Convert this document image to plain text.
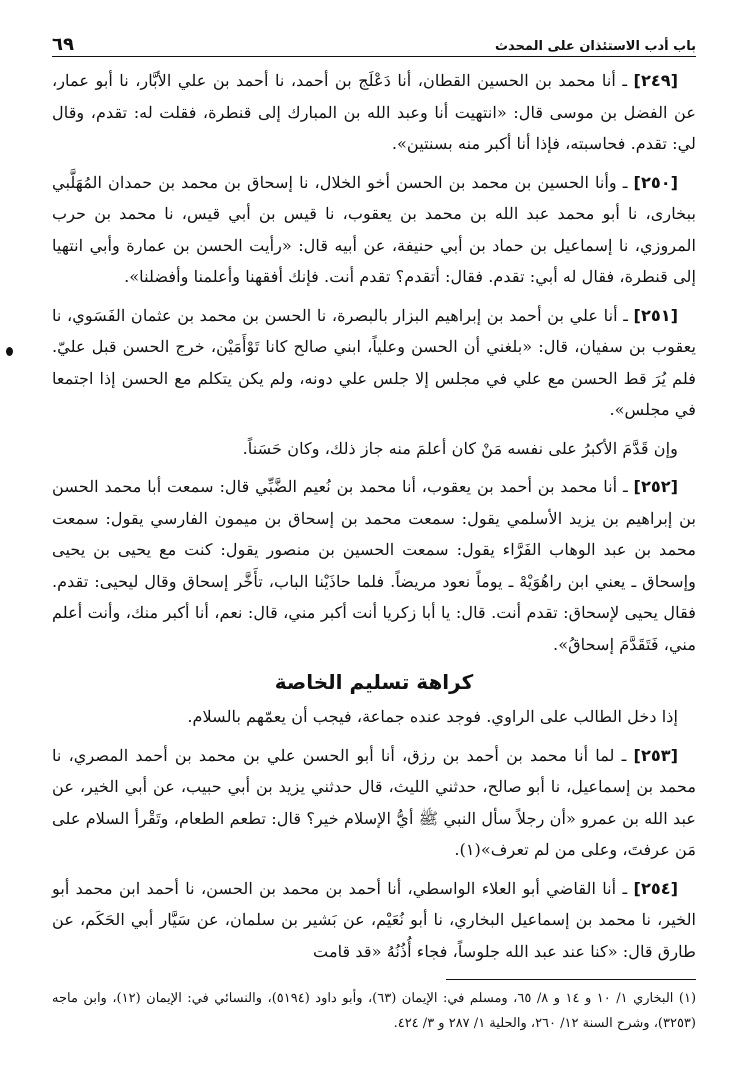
باب أدب الاستئذان على المحدث
٦٩

[٢٤٩] ـ أنا محمد بن الحسين القطان، أنا دَعْلَج بن أحمد، نا أحمد بن علي الأبَّار، نا أبو عمار، عن الفضل بن موسى قال: «انتهيت أنا وعبد الله بن المبارك إلى قنطرة، فقلت له: تقدم، وقال لي: تقدم. فحاسبته، فإذا أنا أكبر منه بسنتين».

[٢٥٠] ـ وأنا الحسين بن محمد بن الحسن أخو الخلال، نا إسحاق بن محمد بن حمدان المُهَلَّبي ببخارى، نا أبو محمد عبد الله بن محمد بن يعقوب، نا قيس بن أبي قيس، نا محمد بن حرب المروزي، نا إسماعيل بن حماد بن أبي حنيفة، عن أبيه قال: «رأيت الحسن بن عمارة وأبي انتهيا إلى قنطرة، فقال له أبي: تقدم. فقال: أتقدم؟ تقدم أنت. فإنك أفقهنا وأعلمنا وأفضلنا».

[٢٥١] ـ أنا علي بن أحمد بن إبراهيم البزار بالبصرة، نا الحسن بن محمد بن عثمان الفَسَوي، نا يعقوب بن سفيان، قال: «بلغني أن الحسن وعلياً، ابني صالح كانا تَوْأَمَيْن، خرج الحسن قبل عليّ. فلم يُرَ قط الحسن مع علي في مجلس إلا جلس علي دونه، ولم يكن يتكلم مع الحسن إذا اجتمعا في مجلس».

وإن قَدَّمَ الأكبرُ على نفسه مَنْ كان أعلمَ منه جاز ذلك، وكان حَسَناً.

[٢٥٢] ـ أنا محمد بن أحمد بن يعقوب، أنا محمد بن نُعيم الضَّبِّي قال: سمعت أبا محمد الحسن بن إبراهيم بن يزيد الأسلمي يقول: سمعت محمد بن إسحاق بن ميمون الفارسي يقول: سمعت محمد بن عبد الوهاب الفَرَّاء يقول: سمعت الحسين بن منصور يقول: كنت مع يحيى بن يحيى وإسحاق ـ يعني ابن راهُوَيْهْ ـ يوماً نعود مريضاً. فلما حاذَيْنا الباب، تأَخَّر إسحاق وقال ليحيى: تقدم. فقال يحيى لإسحاق: تقدم أنت. قال: يا أبا زكريا أنت أكبر مني، قال: نعم، أنا أكبر منك، وأنت أعلم مني، فَتَقَدَّمَ إسحاقُ».

كراهة تسليم الخاصة

إذا دخل الطالب على الراوي. فوجد عنده جماعة، فيجب أن يعمّهم بالسلام.

[٢٥٣] ـ لما أنا محمد بن أحمد بن رزق، أنا أبو الحسن علي بن محمد بن أحمد المصري، نا محمد بن إسماعيل، نا أبو صالح، حدثني الليث، قال حدثني يزيد بن أبي حبيب، عن أبي الخير، عن عبد الله بن عمرو «أن رجلاً سأل النبي ﷺ أيُّ الإسلام خير؟ قال: تطعم الطعام، وتَقْرأ السلام على مَن عرفتَ، وعلى من لم تعرف»(١).

[٢٥٤] ـ أنا القاضي أبو العلاء الواسطي، أنا أحمد بن محمد بن الحسن، نا أحمد ابن محمد أبو الخير، نا محمد بن إسماعيل البخاري، نا أبو نُعَيْم، عن بَشير بن سلمان، عن سَيَّار أبي الحَكَم، عن طارق قال: «كنا عند عبد الله جلوساً، فجاء أُذُنُهُ «قد قامت

(١) البخاري ١/ ١٠ و ١٤ و ٨/ ٦٥، ومسلم في: الإيمان (٦٣)، وأبو داود (٥١٩٤)، والنسائي في: الإيمان (١٢)، وابن ماجه (٣٢٥٣)، وشرح السنة ١٢/ ٢٦٠، والحلية ١/ ٢٨٧ و ٣/ ٤٢٤.
